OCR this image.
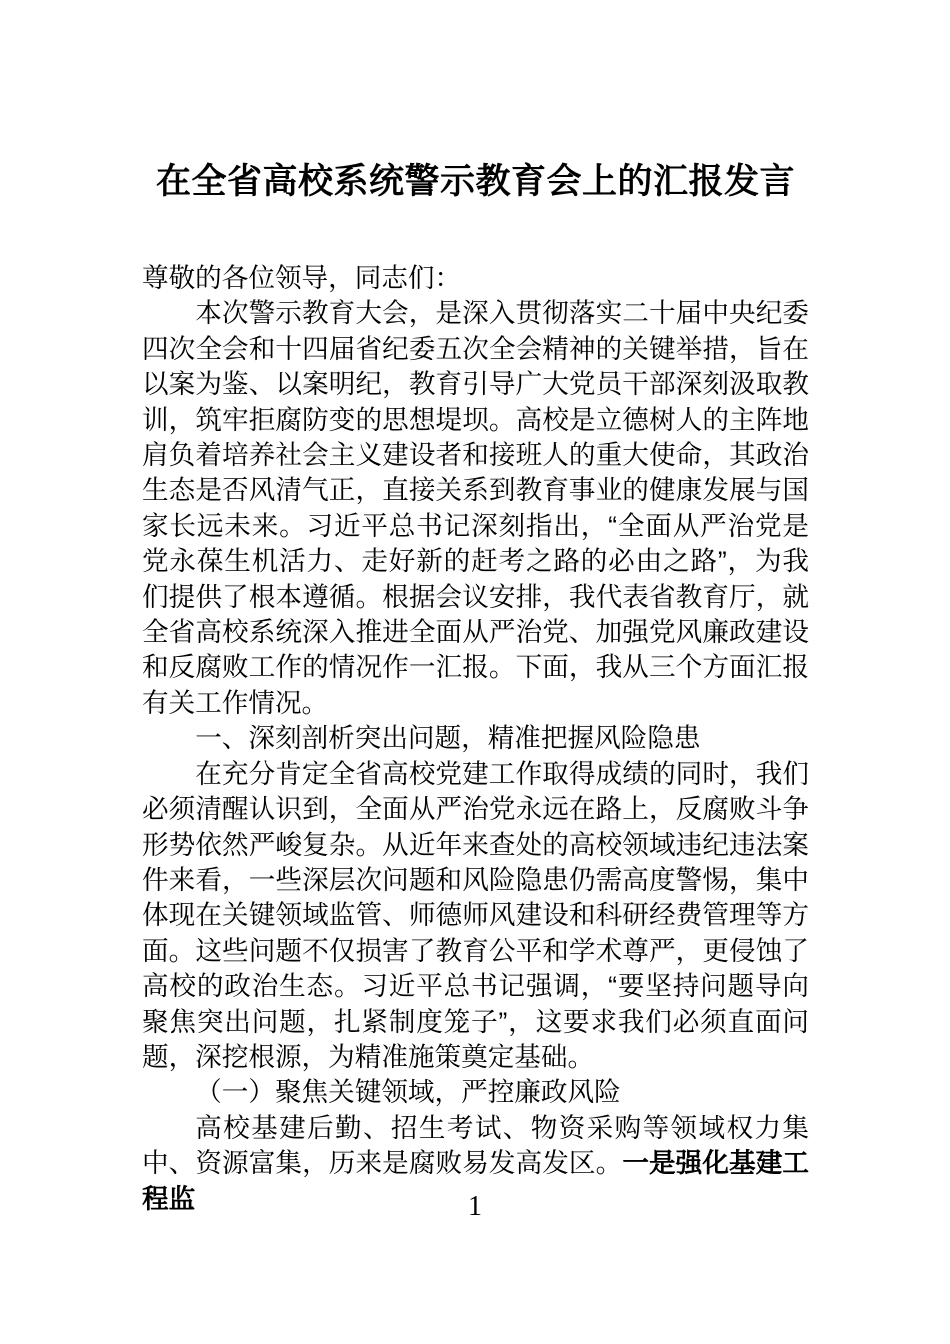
在全省高校系统警示教育会上的汇报发言

尊敬的各位领导，同志们：

本次警示教育大会，是深入贯彻落实二十届中央纪委四次全会和十四届省纪委五次全会精神的关键举措，旨在以案为鉴、以案明纪，教育引导广大党员干部深刻汲取教训，筑牢拒腐防变的思想堤坝。高校是立德树人的主阵地肩负着培养社会主义建设者和接班人的重大使命，其政治生态是否风清气正，直接关系到教育事业的健康发展与国家长远未来。习近平总书记深刻指出，“全面从严治党是党永葆生机活力、走好新的赶考之路的必由之路”，为我们提供了根本遵循。根据会议安排，我代表省教育厅，就全省高校系统深入推进全面从严治党、加强党风廉政建设和反腐败工作的情况作一汇报。下面，我从三个方面汇报有关工作情况。

一、深刻剖析突出问题，精准把握风险隐患

在充分肯定全省高校党建工作取得成绩的同时，我们必须清醒认识到，全面从严治党永远在路上，反腐败斗争形势依然严峻复杂。从近年来查处的高校领域违纪违法案件来看，一些深层次问题和风险隐患仍需高度警惕，集中体现在关键领域监管、师德师风建设和科研经费管理等方面。这些问题不仅损害了教育公平和学术尊严，更侵蚀了高校的政治生态。习近平总书记强调，“要坚持问题导向聚焦突出问题，扎紧制度笼子”，这要求我们必须直面问题，深挖根源，为精准施策奠定基础。

（一）聚焦关键领域，严控廉政风险

高校基建后勤、招生考试、物资采购等领域权力集中、资源富集，历来是腐败易发高发区。一是强化基建工程监	1
